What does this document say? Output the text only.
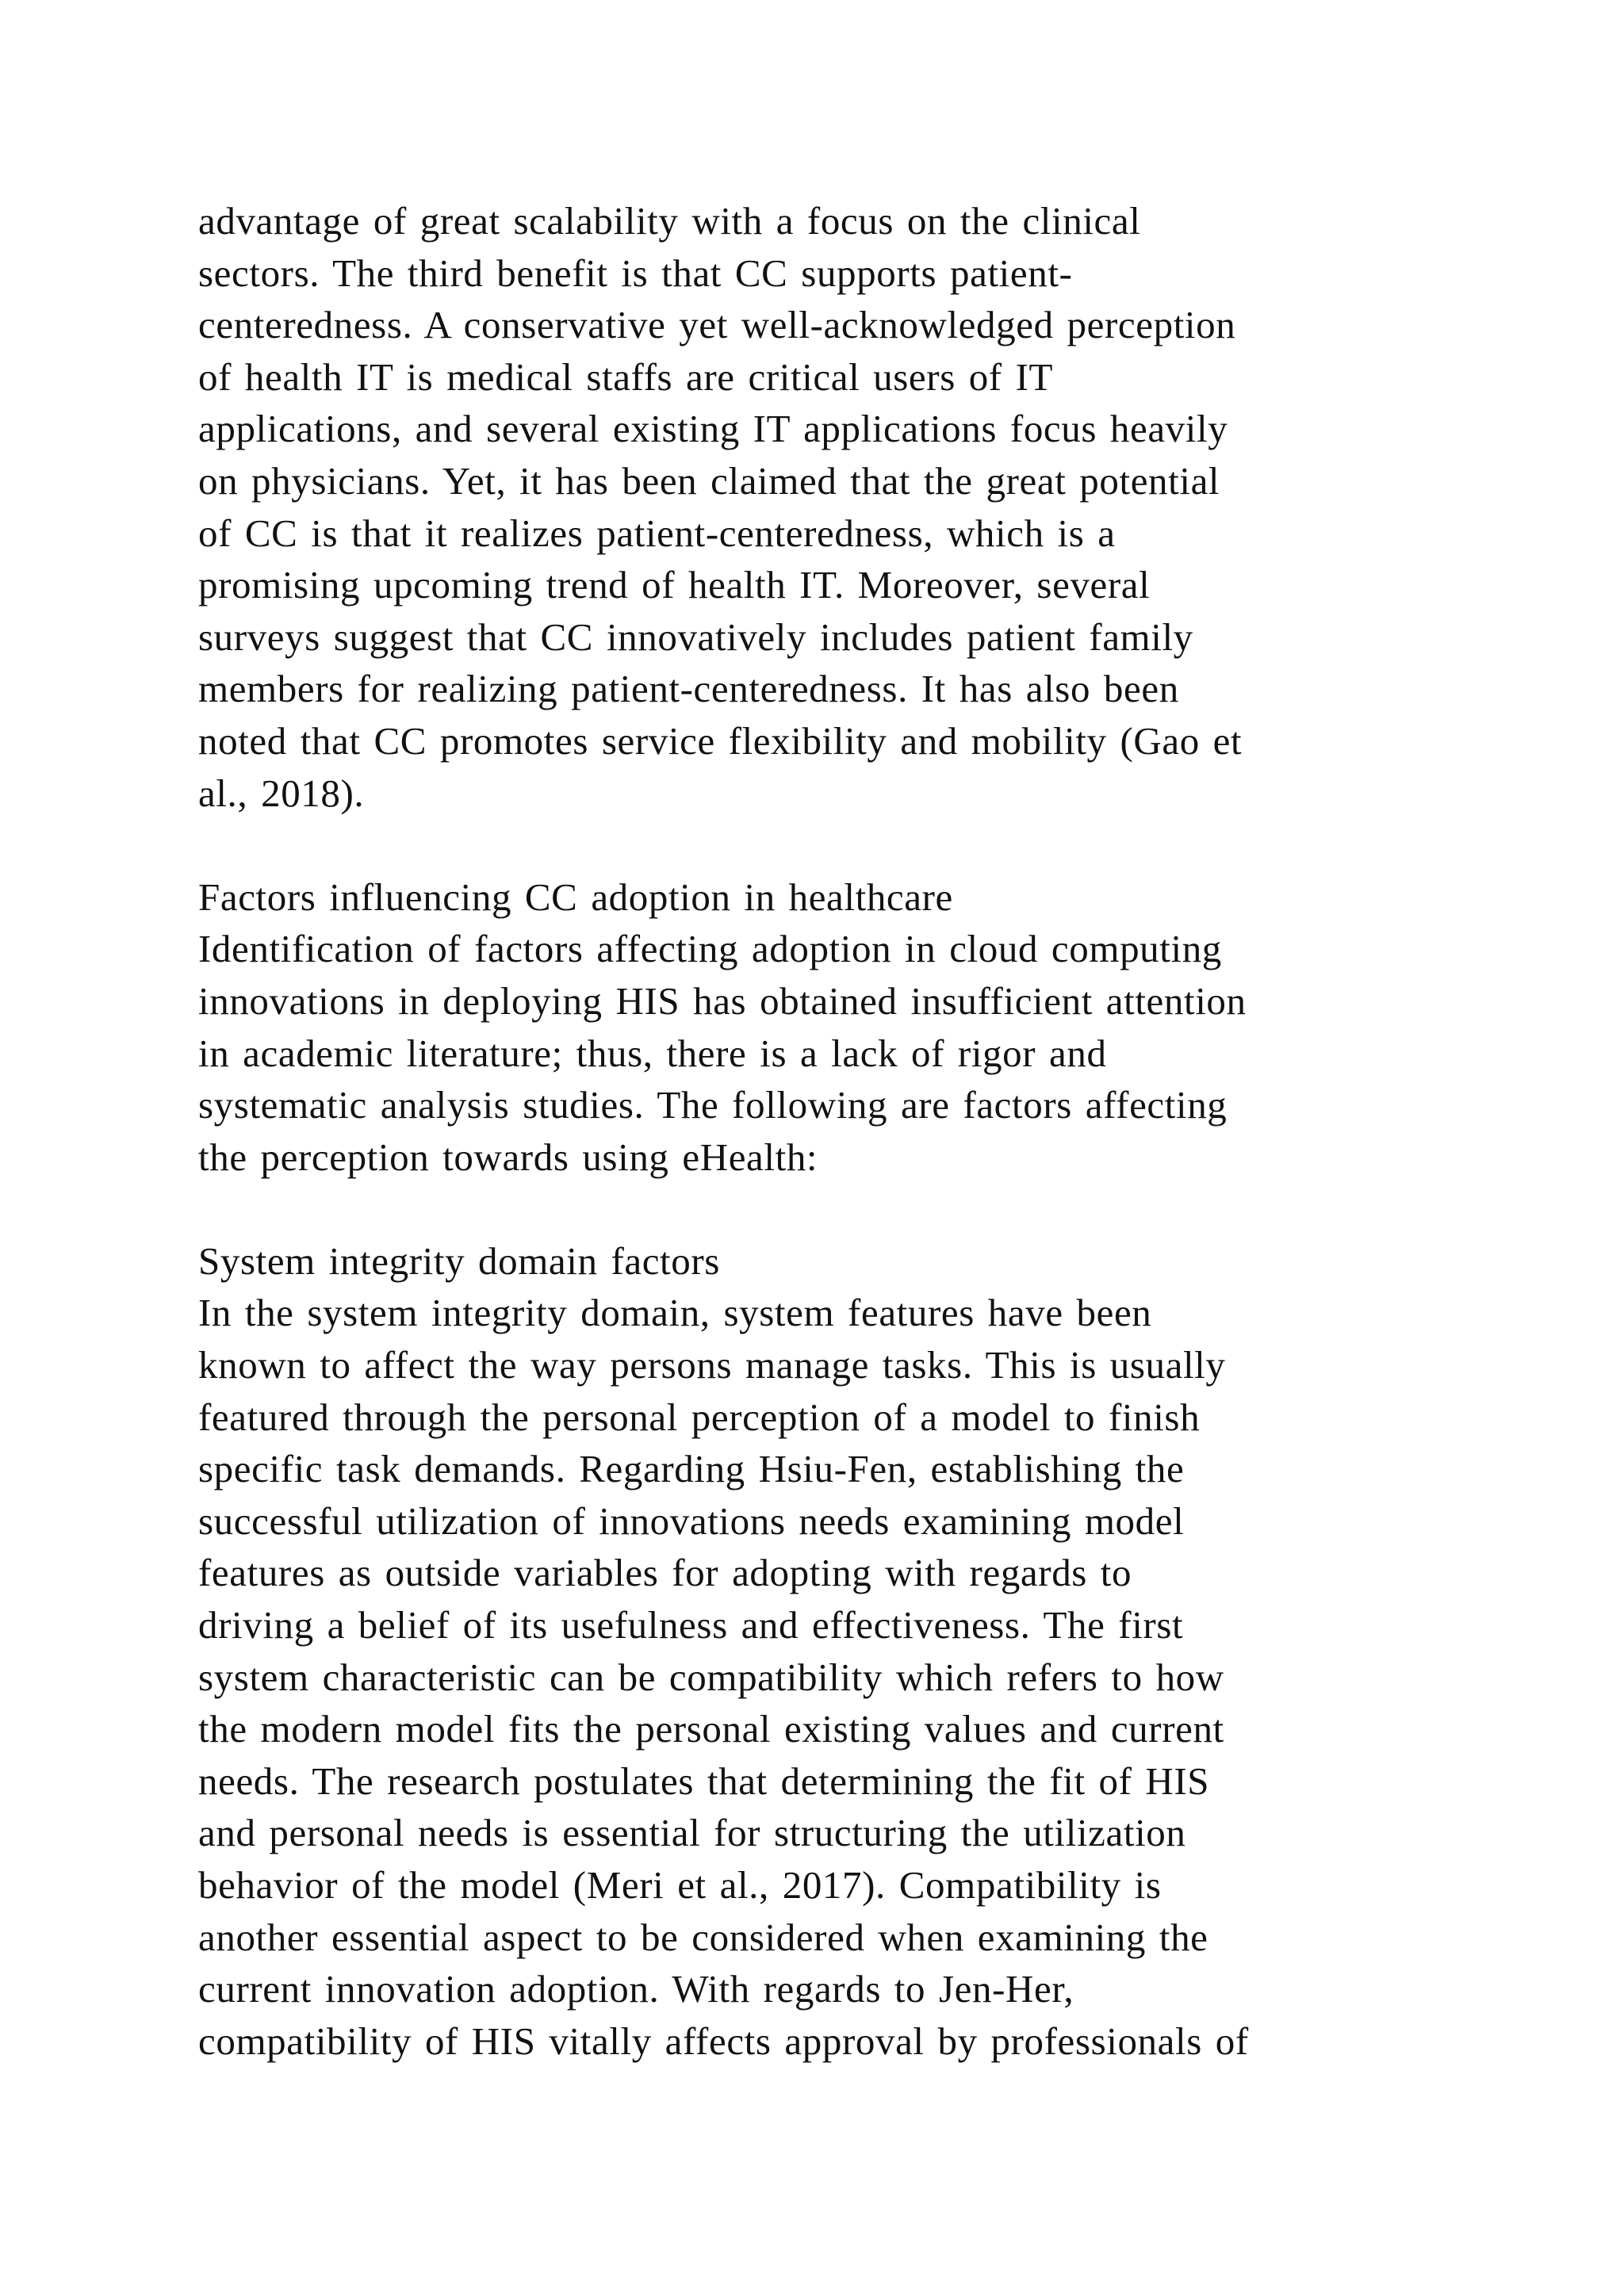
advantage of great scalability with a focus on the clinical
sectors. The third benefit is that CC supports patient-
centeredness. A conservative yet well-acknowledged perception
of health IT is medical staffs are critical users of IT
applications, and several existing IT applications focus heavily
on physicians. Yet, it has been claimed that the great potential
of CC is that it realizes patient-centeredness, which is a
promising upcoming trend of health IT. Moreover, several
surveys suggest that CC innovatively includes patient family
members for realizing patient-centeredness. It has also been
noted that CC promotes service flexibility and mobility (Gao et
al., 2018).
Factors influencing CC adoption in healthcare
Identification of factors affecting adoption in cloud computing
innovations in deploying HIS has obtained insufficient attention
in academic literature; thus, there is a lack of rigor and
systematic analysis studies. The following are factors affecting
the perception towards using eHealth:
System integrity domain factors
In the system integrity domain, system features have been
known to affect the way persons manage tasks. This is usually
featured through the personal perception of a model to finish
specific task demands. Regarding Hsiu-Fen, establishing the
successful utilization of innovations needs examining model
features as outside variables for adopting with regards to
driving a belief of its usefulness and effectiveness. The first
system characteristic can be compatibility which refers to how
the modern model fits the personal existing values and current
needs. The research postulates that determining the fit of HIS
and personal needs is essential for structuring the utilization
behavior of the model (Meri et al., 2017). Compatibility is
another essential aspect to be considered when examining the
current innovation adoption. With regards to Jen-Her,
compatibility of HIS vitally affects approval by professionals of
